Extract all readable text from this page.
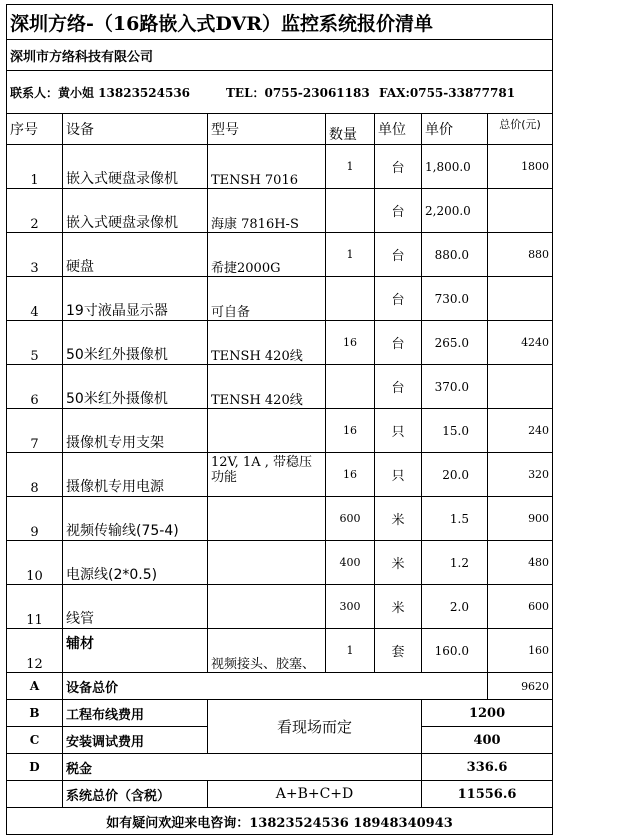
深圳方络-（16路嵌入式DVR）监控系统报价清单						
深圳市方络科技有限公司						
联系人：黄小姐 13823524536 TEL：0755-23061183 FAX:0755-33877781						
序号	设备	型号	数量	单位	单价	总价(元)
1	嵌入式硬盘录像机	TENSH 7016	1	台	1,800.0	1800
2	嵌入式硬盘录像机	海康 7816H-S		台	2,200.0	
3	硬盘	希捷2000G	1	台	880.0	880
4	19寸液晶显示器	可自备		台	730.0	
5	50米红外摄像机	TENSH 420线	16	台	265.0	4240
6	50米红外摄像机	TENSH 420线		台	370.0	
7	摄像机专用支架		16	只	15.0	240
8	摄像机专用电源	12V, 1A , 带稳压功能	16	只	20.0	320
9	视频传输线(75-4)		600	米	1.5	900
10	电源线(2*0.5)		400	米	1.2	480
11	线管		300	米	2.0	600
12	辅材	视频接头、胶塞、	1	套	160.0	160
A	设备总价					9620
B	工程布线费用	看现场而定			1200	
C	安装调试费用				400	
D	税金				336.6	
	系统总价（含税）	A+B+C+D			11556.6	
如有疑问欢迎来电咨询：13823524536 18948340943						
